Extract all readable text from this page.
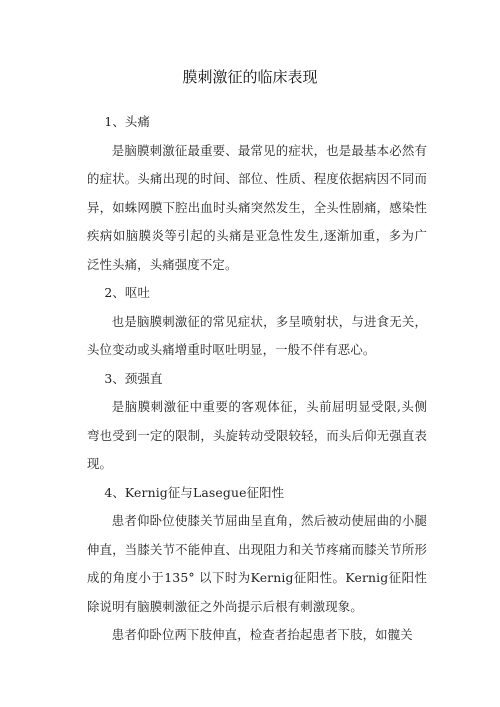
膜刺激征的临床表现

1、头痛

是脑膜刺激征最重要、最常见的症状，也是最基本必然有的症状。头痛出现的时间、部位、性质、程度依据病因不同而异，如蛛网膜下腔出血时头痛突然发生，全头性剧痛，感染性疾病如脑膜炎等引起的头痛是亚急性发生,逐渐加重，多为广泛性头痛，头痛强度不定。

2、呕吐

也是脑膜刺激征的常见症状，多呈喷射状，与进食无关，头位变动或头痛增重时呕吐明显，一般不伴有恶心。

3、颈强直

是脑膜刺激征中重要的客观体征，头前屈明显受限,头侧弯也受到一定的限制，头旋转动受限较轻，而头后仰无强直表现。

4、Kernig征与Lasegue征阳性

患者仰卧位使膝关节屈曲呈直角，然后被动使屈曲的小腿伸直，当膝关节不能伸直、出现阻力和关节疼痛而膝关节所形成的角度小于135° 以下时为Kernig征阳性。Kernig征阳性除说明有脑膜刺激征之外尚提示后根有刺激现象。

患者仰卧位两下肢伸直，检查者抬起患者下肢，如髋关
